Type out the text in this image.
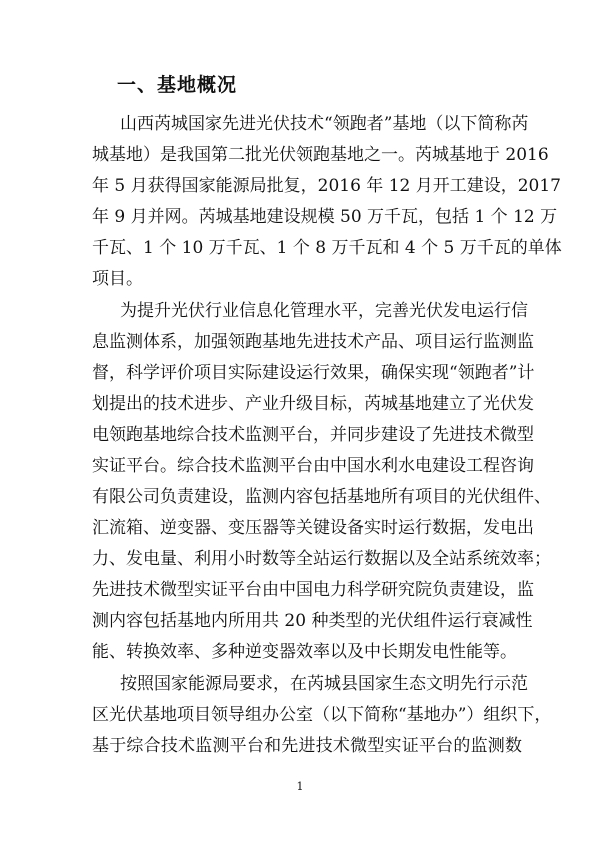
一、基地概况
山西芮城国家先进光伏技术“领跑者”基地（以下简称芮
城基地）是我国第二批光伏领跑基地之一。芮城基地于 2016
年 5 月获得国家能源局批复，2016 年 12 月开工建设，2017
年 9 月并网。芮城基地建设规模 50 万千瓦，包括 1 个 12 万
千瓦、1 个 10 万千瓦、1 个 8 万千瓦和 4 个 5 万千瓦的单体
项目。
为提升光伏行业信息化管理水平，完善光伏发电运行信
息监测体系，加强领跑基地先进技术产品、项目运行监测监
督，科学评价项目实际建设运行效果，确保实现“领跑者”计
划提出的技术进步、产业升级目标，芮城基地建立了光伏发
电领跑基地综合技术监测平台，并同步建设了先进技术微型
实证平台。综合技术监测平台由中国水利水电建设工程咨询
有限公司负责建设，监测内容包括基地所有项目的光伏组件、
汇流箱、逆变器、变压器等关键设备实时运行数据，发电出
力、发电量、利用小时数等全站运行数据以及全站系统效率；
先进技术微型实证平台由中国电力科学研究院负责建设，监
测内容包括基地内所用共 20 种类型的光伏组件运行衰减性
能、转换效率、多种逆变器效率以及中长期发电性能等。
按照国家能源局要求，在芮城县国家生态文明先行示范
区光伏基地项目领导组办公室（以下简称“基地办”）组织下，
基于综合技术监测平台和先进技术微型实证平台的监测数
1
